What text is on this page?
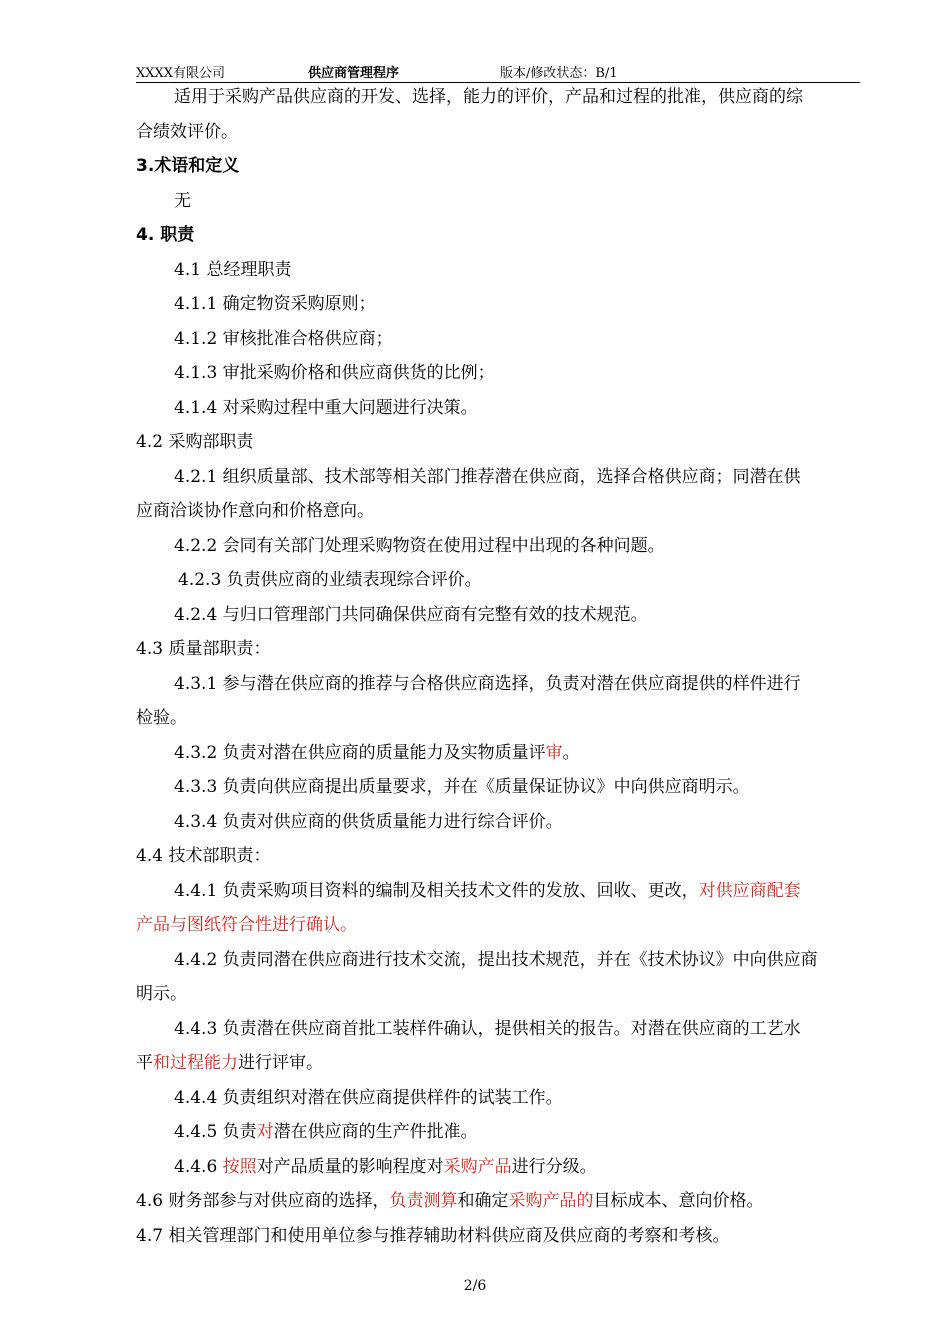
XXXX有限公司	供应商管理程序	版本/修改状态：B/1

适用于采购产品供应商的开发、选择，能力的评价，产品和过程的批准，供应商的综

合绩效评价。

3.术语和定义

无

4. 职责

4.1 总经理职责

4.1.1 确定物资采购原则；

4.1.2 审核批准合格供应商；

4.1.3 审批采购价格和供应商供货的比例；

4.1.4 对采购过程中重大问题进行决策。

4.2 采购部职责

4.2.1 组织质量部、技术部等相关部门推荐潜在供应商，选择合格供应商；同潜在供

应商洽谈协作意向和价格意向。

4.2.2 会同有关部门处理采购物资在使用过程中出现的各种问题。

4.2.3 负责供应商的业绩表现综合评价。

4.2.4 与归口管理部门共同确保供应商有完整有效的技术规范。

4.3 质量部职责：

4.3.1 参与潜在供应商的推荐与合格供应商选择，负责对潜在供应商提供的样件进行

检验。

4.3.2 负责对潜在供应商的质量能力及实物质量评审。

4.3.3 负责向供应商提出质量要求，并在《质量保证协议》中向供应商明示。

4.3.4 负责对供应商的供货质量能力进行综合评价。

4.4 技术部职责：

4.4.1 负责采购项目资料的编制及相关技术文件的发放、回收、更改，对供应商配套

产品与图纸符合性进行确认。

4.4.2 负责同潜在供应商进行技术交流，提出技术规范，并在《技术协议》中向供应商

明示。

4.4.3 负责潜在供应商首批工装样件确认，提供相关的报告。对潜在供应商的工艺水

平和过程能力进行评审。

4.4.4 负责组织对潜在供应商提供样件的试装工作。

4.4.5 负责对潜在供应商的生产件批准。

4.4.6 按照对产品质量的影响程度对采购产品进行分级。

4.6 财务部参与对供应商的选择，负责测算和确定采购产品的目标成本、意向价格。

4.7 相关管理部门和使用单位参与推荐辅助材料供应商及供应商的考察和考核。

2/6
